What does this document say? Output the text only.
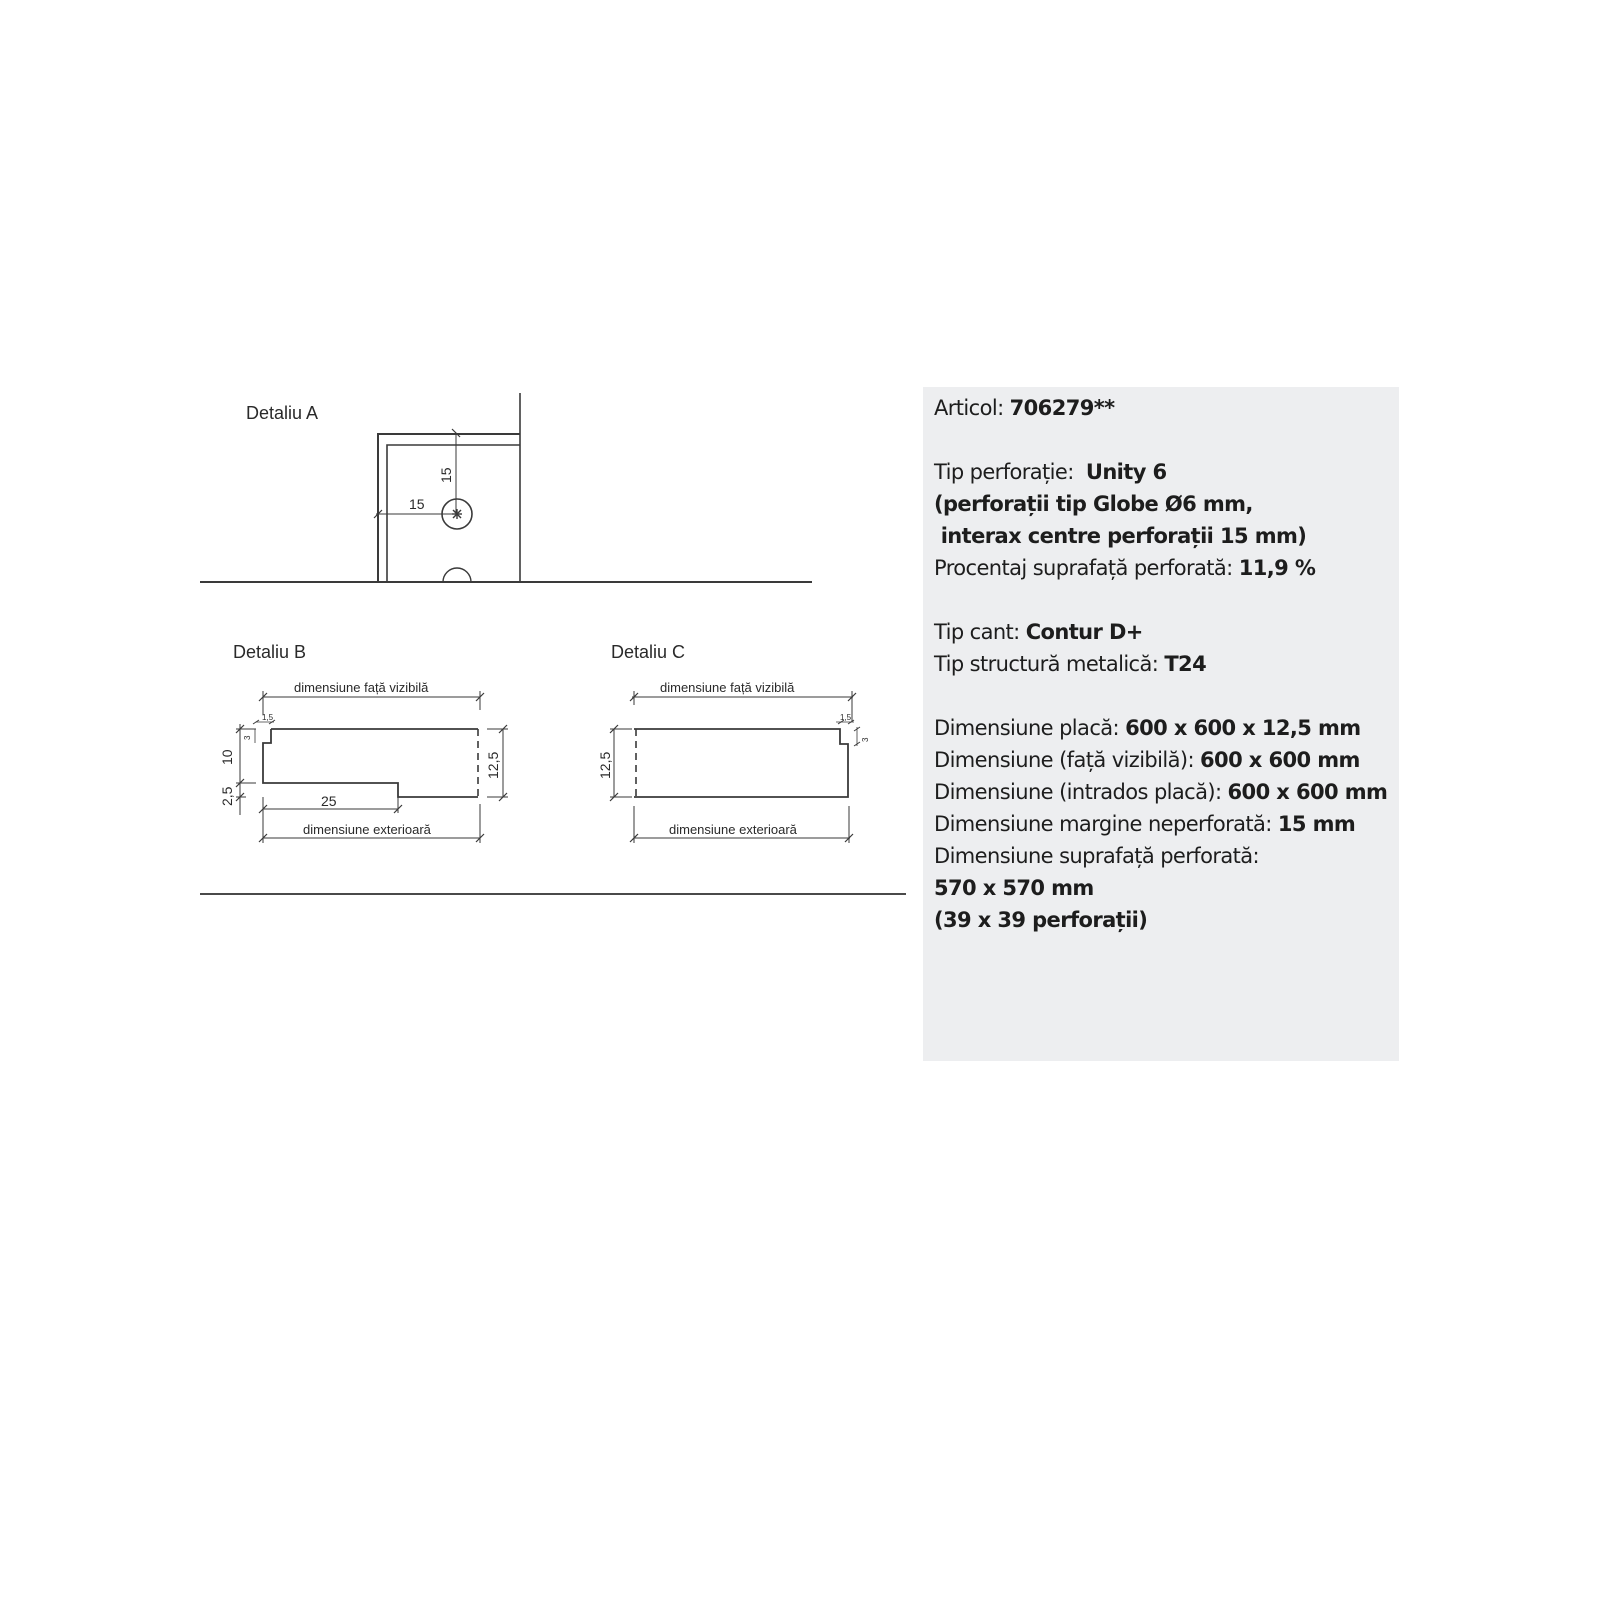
Detaliu A
15
15
Detaliu B
dimensiune față vizibilă
dimensiune exterioară
25
1,5
3
10
2,5
12,5
Detaliu C
dimensiune față vizibilă
dimensiune exterioară
1,5
3
12,5
Articol: 706279**
Tip perforație:  Unity 6
(perforații tip Globe Ø6 mm,
interax centre perforații 15 mm)
Procentaj suprafață perforată: 11,9 %
Tip cant: Contur D+
Tip structură metalică: T24
Dimensiune placă: 600 x 600 x 12,5 mm
Dimensiune (față vizibilă): 600 x 600 mm
Dimensiune (intrados placă): 600 x 600 mm
Dimensiune margine neperforată: 15 mm
Dimensiune suprafață perforată:
570 x 570 mm
(39 x 39 perforații)
